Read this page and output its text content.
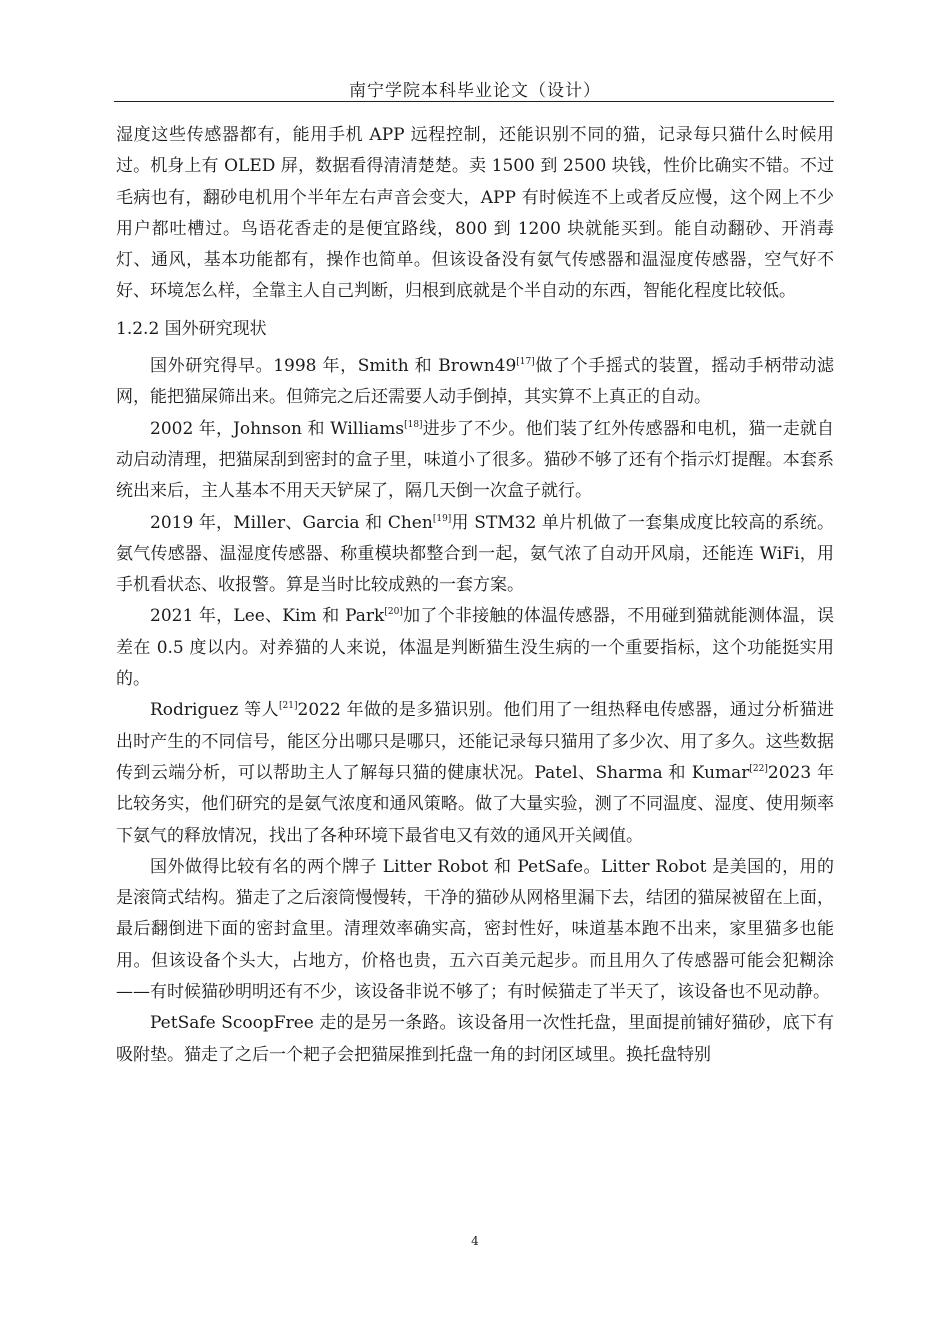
南宁学院本科毕业论文（设计）

湿度这些传感器都有，能用手机 APP 远程控制，还能识别不同的猫，记录每只猫什么时候用过。机身上有 OLED 屏，数据看得清清楚楚。卖 1500 到 2500 块钱，性价比确实不错。不过毛病也有，翻砂电机用个半年左右声音会变大，APP 有时候连不上或者反应慢，这个网上不少用户都吐槽过。鸟语花香走的是便宜路线，800 到 1200 块就能买到。能自动翻砂、开消毒灯、通风，基本功能都有，操作也简单。但该设备没有氨气传感器和温湿度传感器，空气好不好、环境怎么样，全靠主人自己判断，归根到底就是个半自动的东西，智能化程度比较低。

1.2.2 国外研究现状

国外研究得早。1998 年，Smith 和 Brown49[17]做了个手摇式的装置，摇动手柄带动滤网，能把猫屎筛出来。但筛完之后还需要人动手倒掉，其实算不上真正的自动。

2002 年，Johnson 和 Williams[18]进步了不少。他们装了红外传感器和电机，猫一走就自动启动清理，把猫屎刮到密封的盒子里，味道小了很多。猫砂不够了还有个指示灯提醒。本套系统出来后，主人基本不用天天铲屎了，隔几天倒一次盒子就行。

2019 年，Miller、Garcia 和 Chen[19]用 STM32 单片机做了一套集成度比较高的系统。氨气传感器、温湿度传感器、称重模块都整合到一起，氨气浓了自动开风扇，还能连 WiFi，用手机看状态、收报警。算是当时比较成熟的一套方案。

2021 年，Lee、Kim 和 Park[20]加了个非接触的体温传感器，不用碰到猫就能测体温，误差在 0.5 度以内。对养猫的人来说，体温是判断猫生没生病的一个重要指标，这个功能挺实用的。

Rodriguez 等人[21]2022 年做的是多猫识别。他们用了一组热释电传感器，通过分析猫进出时产生的不同信号，能区分出哪只是哪只，还能记录每只猫用了多少次、用了多久。这些数据传到云端分析，可以帮助主人了解每只猫的健康状况。Patel、Sharma 和 Kumar[22]2023 年比较务实，他们研究的是氨气浓度和通风策略。做了大量实验，测了不同温度、湿度、使用频率下氨气的释放情况，找出了各种环境下最省电又有效的通风开关阈值。

国外做得比较有名的两个牌子 Litter Robot 和 PetSafe。Litter Robot 是美国的，用的是滚筒式结构。猫走了之后滚筒慢慢转，干净的猫砂从网格里漏下去，结团的猫屎被留在上面，最后翻倒进下面的密封盒里。清理效率确实高，密封性好，味道基本跑不出来，家里猫多也能用。但该设备个头大，占地方，价格也贵，五六百美元起步。而且用久了传感器可能会犯糊涂——有时候猫砂明明还有不少，该设备非说不够了；有时候猫走了半天了，该设备也不见动静。

PetSafe ScoopFree 走的是另一条路。该设备用一次性托盘，里面提前铺好猫砂，底下有吸附垫。猫走了之后一个耙子会把猫屎推到托盘一角的封闭区域里。换托盘特别

4
